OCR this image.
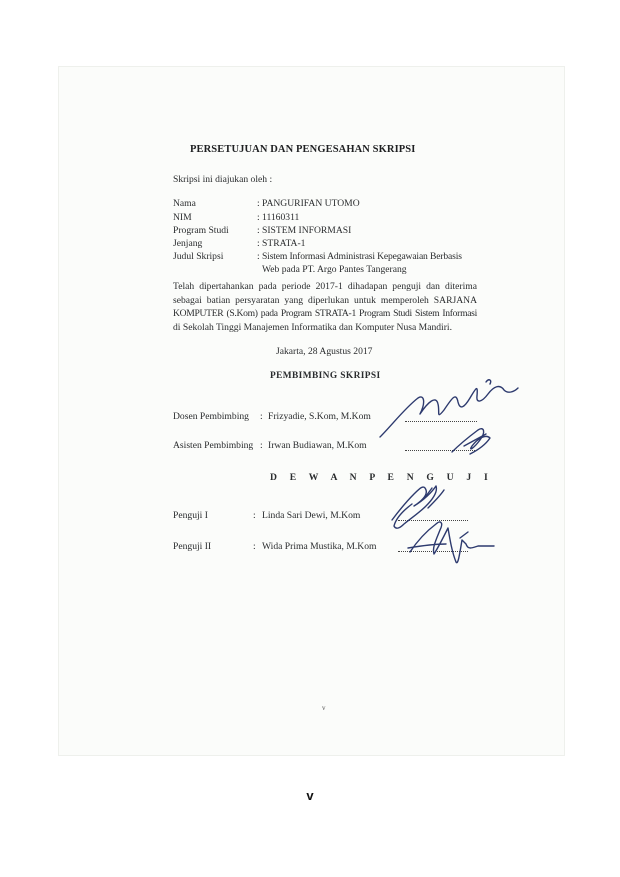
PERSETUJUAN DAN PENGESAHAN SKRIPSI
Skripsi ini diajukan oleh :
Nama	: PANGURIFAN UTOMO
NIM	: 11160311
Program Studi	: SISTEM INFORMASI
Jenjang	: STRATA-1
Judul Skripsi	: Sistem Informasi Administrasi Kepegawaian Berbasis
Web pada PT. Argo Pantes Tangerang
Telah dipertahankan pada periode 2017-1 dihadapan penguji dan diterima
sebagai batian persyaratan yang diperlukan untuk memperoleh SARJANA
KOMPUTER (S.Kom) pada Program STRATA-1 Program Studi Sistem Informasi
di Sekolah Tinggi Manajemen Informatika dan Komputer Nusa Mandiri.
Jakarta, 28 Agustus 2017
PEMBIMBING SKRIPSI
Dosen Pembimbing : Frizyadie, S.Kom, M.Kom
Asisten Pembimbing : Irwan Budiawan, M.Kom
D E W A N P E N G U J I
Penguji I	: Linda Sari Dewi, M.Kom
Penguji II	: Wida Prima Mustika, M.Kom
v
v
